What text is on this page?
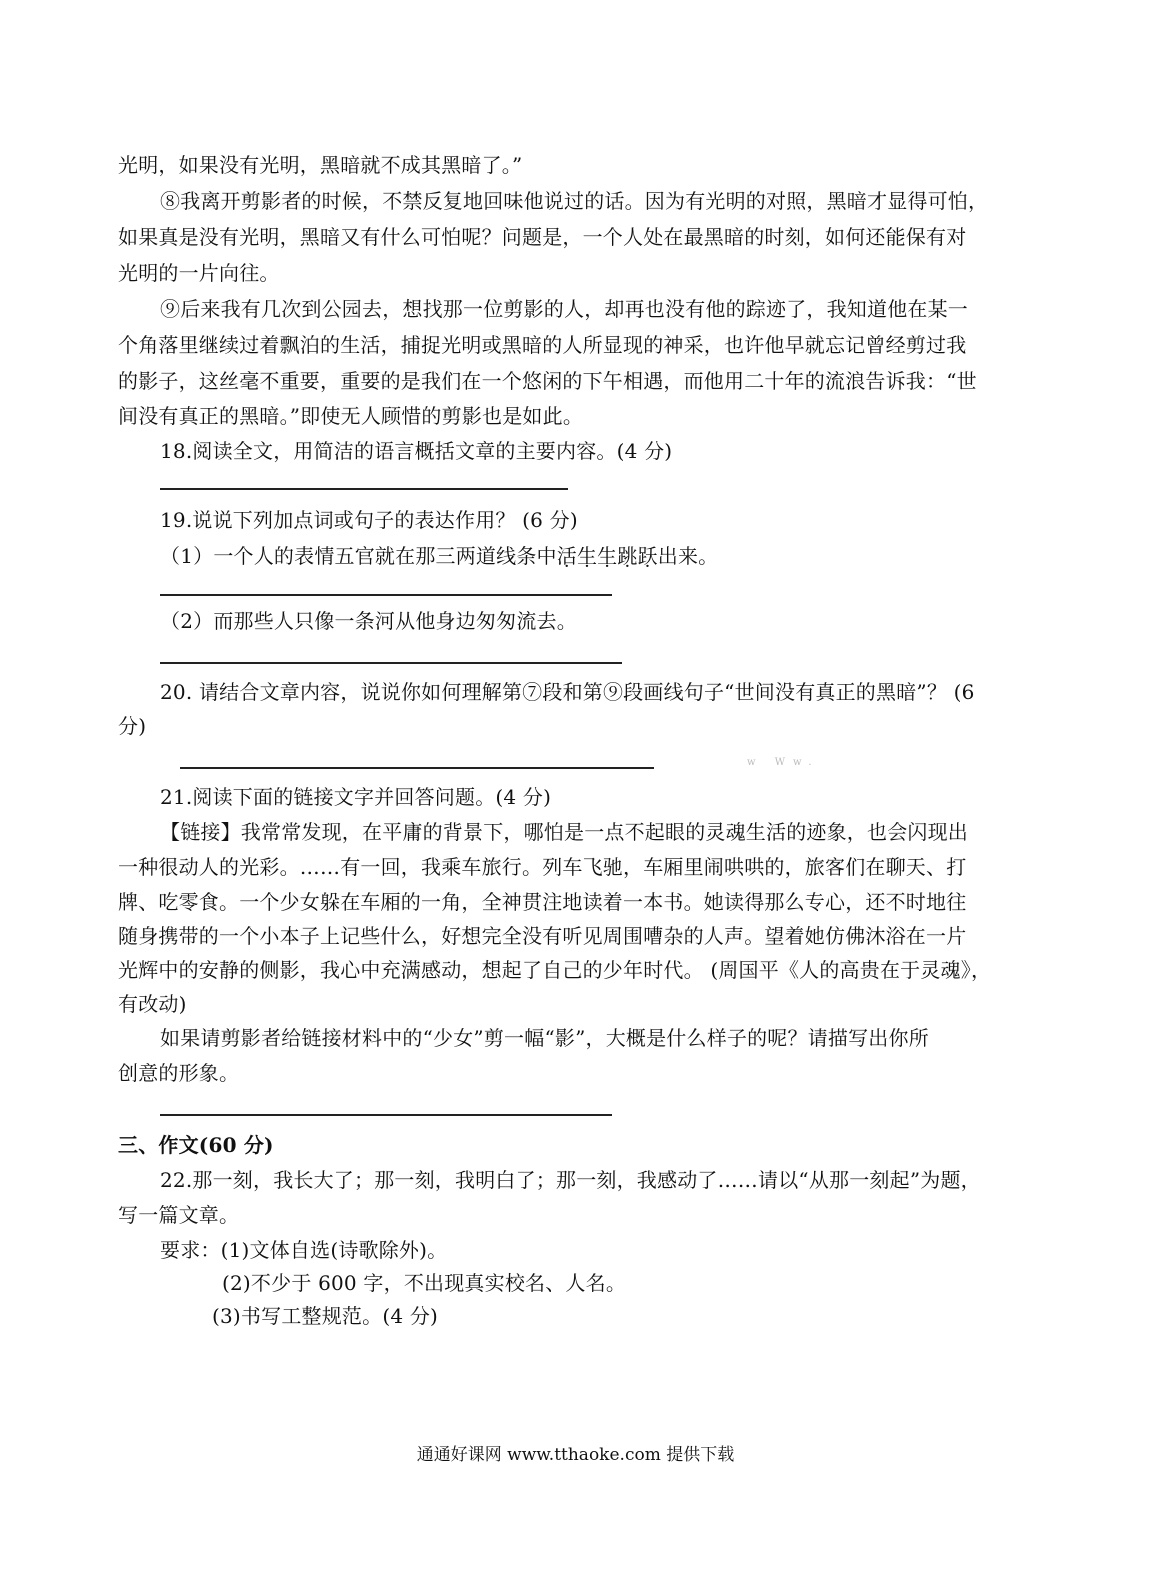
光明，如果没有光明，黑暗就不成其黑暗了。”
⑧我离开剪影者的时候，不禁反复地回味他说过的话。因为有光明的对照，黑暗才显得可怕，
如果真是没有光明，黑暗又有什么可怕呢？问题是，一个人处在最黑暗的时刻，如何还能保有对
光明的一片向往。
⑨后来我有几次到公园去，想找那一位剪影的人，却再也没有他的踪迹了，我知道他在某一
个角落里继续过着飘泊的生活，捕捉光明或黑暗的人所显现的神采，也许他早就忘记曾经剪过我
的影子，这丝毫不重要，重要的是我们在一个悠闲的下午相遇，而他用二十年的流浪告诉我：“世
间没有真正的黑暗。”即使无人顾惜的剪影也是如此。
18.阅读全文，用简洁的语言概括文章的主要内容。(4 分)
19.说说下列加点词或句子的表达作用？ (6 分)
（1）一个人的表情五官就在那三两道线条中活生生跳跃出来。
（2）而那些人只像一条河从他身边匆匆流去。
20. 请结合文章内容，说说你如何理解第⑦段和第⑨段画线句子“世间没有真正的黑暗”？ (6
分)
w Ww.
21.阅读下面的链接文字并回答问题。(4 分)
【链接】我常常发现，在平庸的背景下，哪怕是一点不起眼的灵魂生活的迹象，也会闪现出
一种很动人的光彩。……有一回，我乘车旅行。列车飞驰，车厢里闹哄哄的，旅客们在聊天、打
牌、吃零食。一个少女躲在车厢的一角，全神贯注地读着一本书。她读得那么专心，还不时地往
随身携带的一个小本子上记些什么，好想完全没有听见周围嘈杂的人声。望着她仿佛沐浴在一片
光辉中的安静的侧影，我心中充满感动，想起了自己的少年时代。 (周国平《人的高贵在于灵魂》，
有改动)
如果请剪影者给链接材料中的“少女”剪一幅“影”，大概是什么样子的呢？请描写出你所
创意的形象。
三、作文(60 分)
22.那一刻，我长大了；那一刻，我明白了；那一刻，我感动了……请以“从那一刻起”为题，
写一篇文章。
要求：(1)文体自选(诗歌除外)。
(2)不少于 600 字，不出现真实校名、人名。
(3)书写工整规范。(4 分)
通通好课网 www.tthaoke.com 提供下载
